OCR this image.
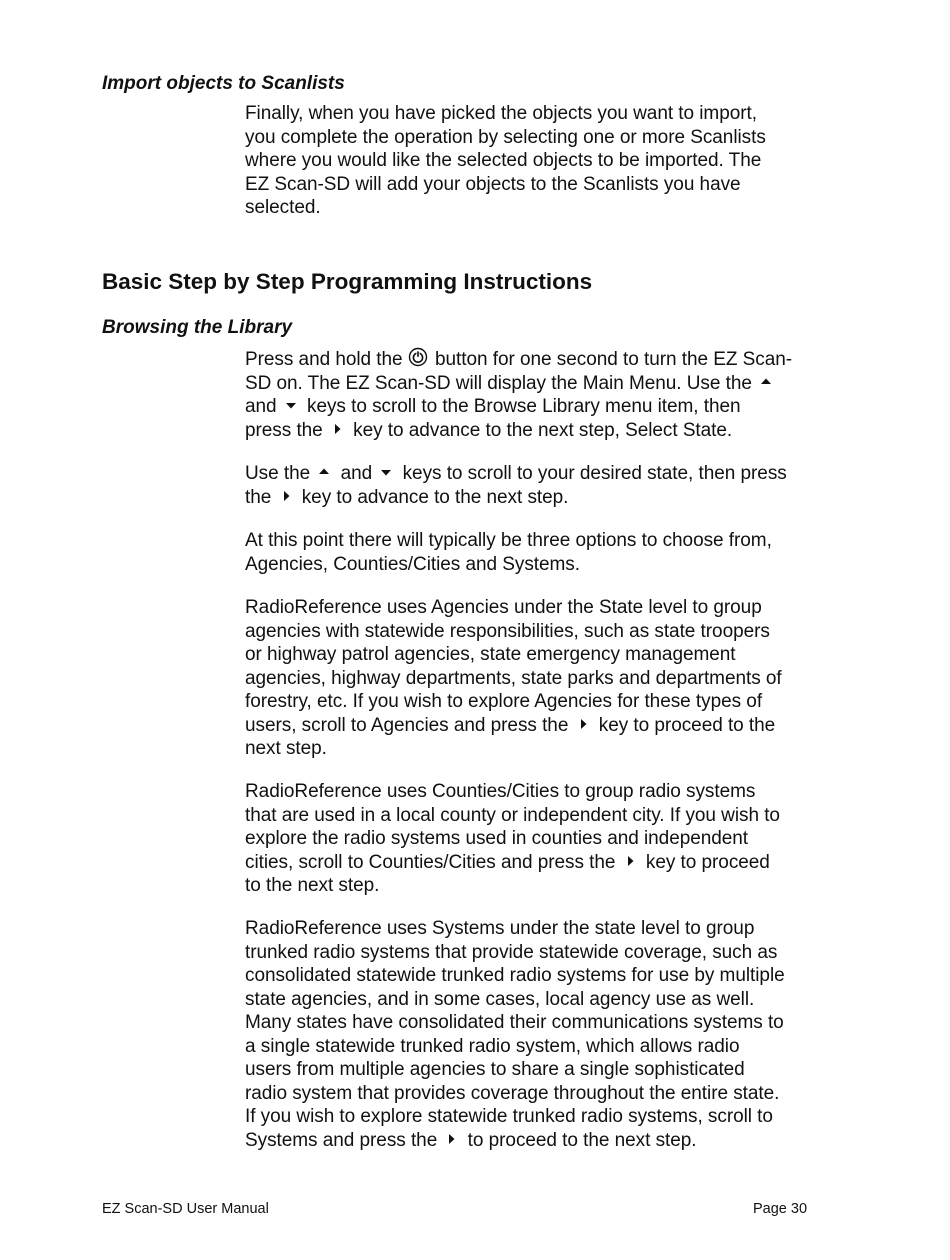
Import objects to Scanlists

Finally, when you have picked the objects you want to import,
you complete the operation by selecting one or more Scanlists
where you would like the selected objects to be imported. The
EZ Scan-SD will add your objects to the Scanlists you have
selected.

Basic Step by Step Programming Instructions
Browsing the Library

Press and hold the  button for one second to turn the EZ Scan-
SD on. The EZ Scan-SD will display the Main Menu. Use the
and
keys to scroll to the Browse Library menu item, then
press the
key to advance to the next step, Select State.

Use the
and
keys to scroll to your desired state, then press
the
key to advance to the next step.

At this point there will typically be three options to choose from,
Agencies, Counties/Cities and Systems.

RadioReference uses Agencies under the State level to group
agencies with statewide responsibilities, such as state troopers
or highway patrol agencies, state emergency management
agencies, highway departments, state parks and departments of
forestry, etc. If you wish to explore Agencies for these types of
users, scroll to Agencies and press the
key to proceed to the
next step.

RadioReference uses Counties/Cities to group radio systems
that are used in a local county or independent city. If you wish to
explore the radio systems used in counties and independent
cities, scroll to Counties/Cities and press the
key to proceed
to the next step.

RadioReference uses Systems under the state level to group
trunked radio systems that provide statewide coverage, such as
consolidated statewide trunked radio systems for use by multiple
state agencies, and in some cases, local agency use as well.
Many states have consolidated their communications systems to
a single statewide trunked radio system, which allows radio
users from multiple agencies to share a single sophisticated
radio system that provides coverage throughout the entire state.
If you wish to explore statewide trunked radio systems, scroll to
Systems and press the
to proceed to the next step.

EZ Scan-SD User Manual	Page 30
